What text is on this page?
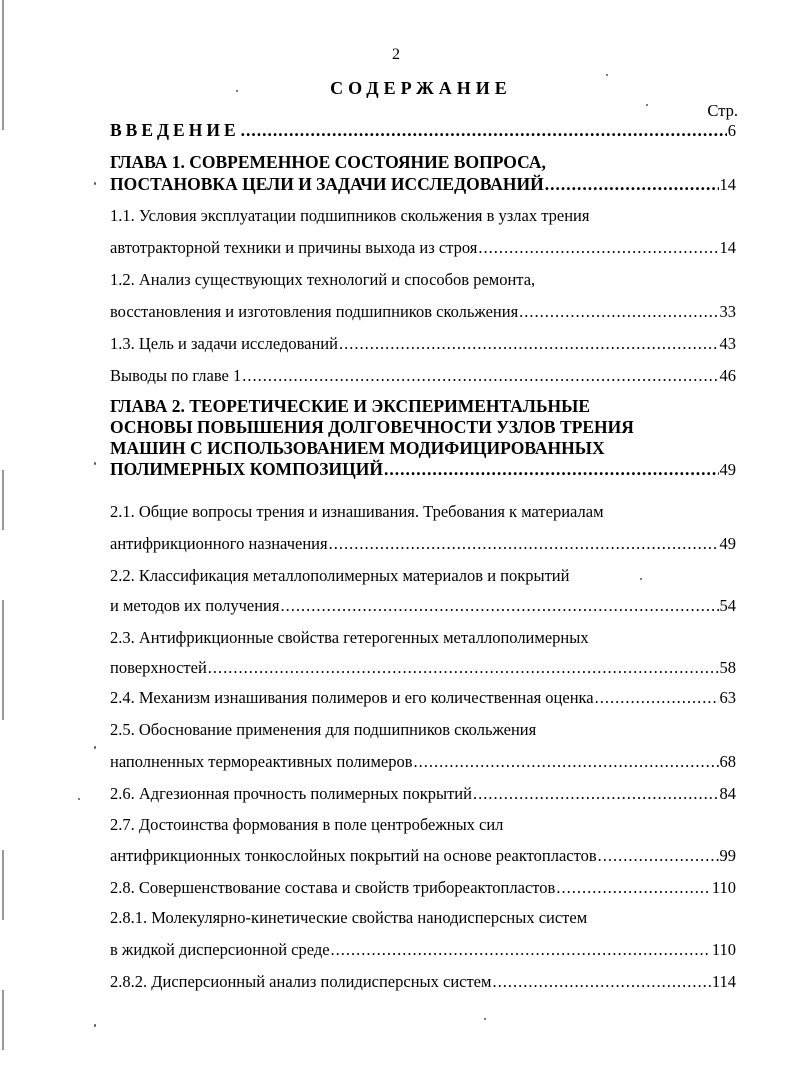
2
СОДЕРЖАНИЕ
Стр.
ВВЕДЕНИЕ .....	6
ГЛАВА 1. СОВРЕМЕННОЕ СОСТОЯНИЕ ВОПРОСА,
ПОСТАНОВКА ЦЕЛИ И ЗАДАЧИ ИССЛЕДОВАНИЙ .....	14
1.1. Условия эксплуатации подшипников скольжения в узлах трения
автотракторной техники и причины выхода из строя .....	14
1.2. Анализ существующих технологий и способов ремонта,
восстановления и изготовления подшипников скольжения .....	33
1.3. Цель и задачи исследований .....	43
Выводы по главе 1 .....	46
ГЛАВА 2. ТЕОРЕТИЧЕСКИЕ И ЭКСПЕРИМЕНТАЛЬНЫЕ
ОСНОВЫ ПОВЫШЕНИЯ ДОЛГОВЕЧНОСТИ УЗЛОВ ТРЕНИЯ
МАШИН С ИСПОЛЬЗОВАНИЕМ МОДИФИЦИРОВАННЫХ
ПОЛИМЕРНЫХ КОМПОЗИЦИЙ .....	49
2.1. Общие вопросы трения и изнашивания. Требования к материалам
антифрикционного назначения .....	49
2.2. Классификация металлополимерных материалов и покрытий
и методов их получения .....	54
2.3. Антифрикционные свойства гетерогенных металлополимерных
поверхностей .....	58
2.4. Механизм изнашивания полимеров и его количественная оценка .....	63
2.5. Обоснование применения для подшипников скольжения
наполненных термореактивных полимеров .....	68
2.6. Адгезионная прочность полимерных покрытий .....	84
2.7. Достоинства формования в поле центробежных сил
антифрикционных тонкослойных покрытий на основе реактопластов .....	99
2.8. Совершенствование состава и свойств трибореактопластов .....	110
2.8.1. Молекулярно-кинетические свойства нанодисперсных систем
в жидкой дисперсионной среде .....	110
2.8.2. Дисперсионный анализ полидисперсных систем .....	114
